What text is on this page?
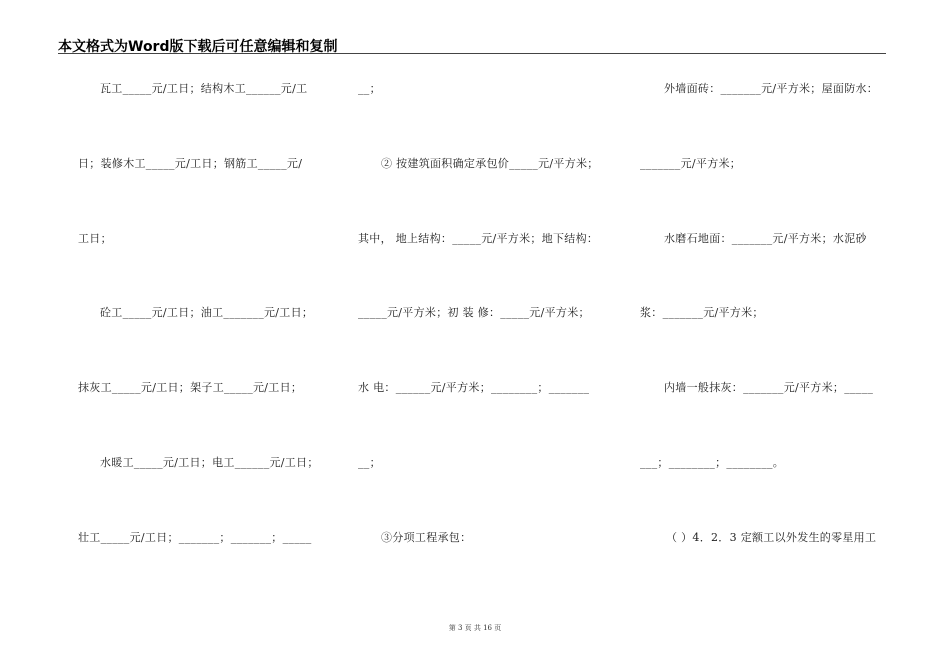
本文格式为Word版下载后可任意编辑和复制
瓦工_____元/工日；结构木工______元/工
日；装修木工_____元/工日；钢筋工_____元/
工日；
砼工_____元/工日；油工_______元/工日；
抹灰工_____元/工日；架子工_____元/工日；
水暖工_____元/工日；电工______元/工日；
壮工_____元/工日；_______；_______；_____
__；
② 按建筑面积确定承包价_____元/平方米；
其中， 地上结构：_____元/平方米；地下结构：
_____元/平方米；初 装 修：_____元/平方米；
水 电：______元/平方米；________；_______
__；
③分项工程承包：
外墙面砖：_______元/平方米；屋面防水：
_______元/平方米；
水磨石地面：_______元/平方米；水泥砂
浆：_______元/平方米；
内墙一般抹灰：_______元/平方米；_____
___；________；________。
（ ）4．2．3 定额工以外发生的零星用工
第 3 页 共 16 页
